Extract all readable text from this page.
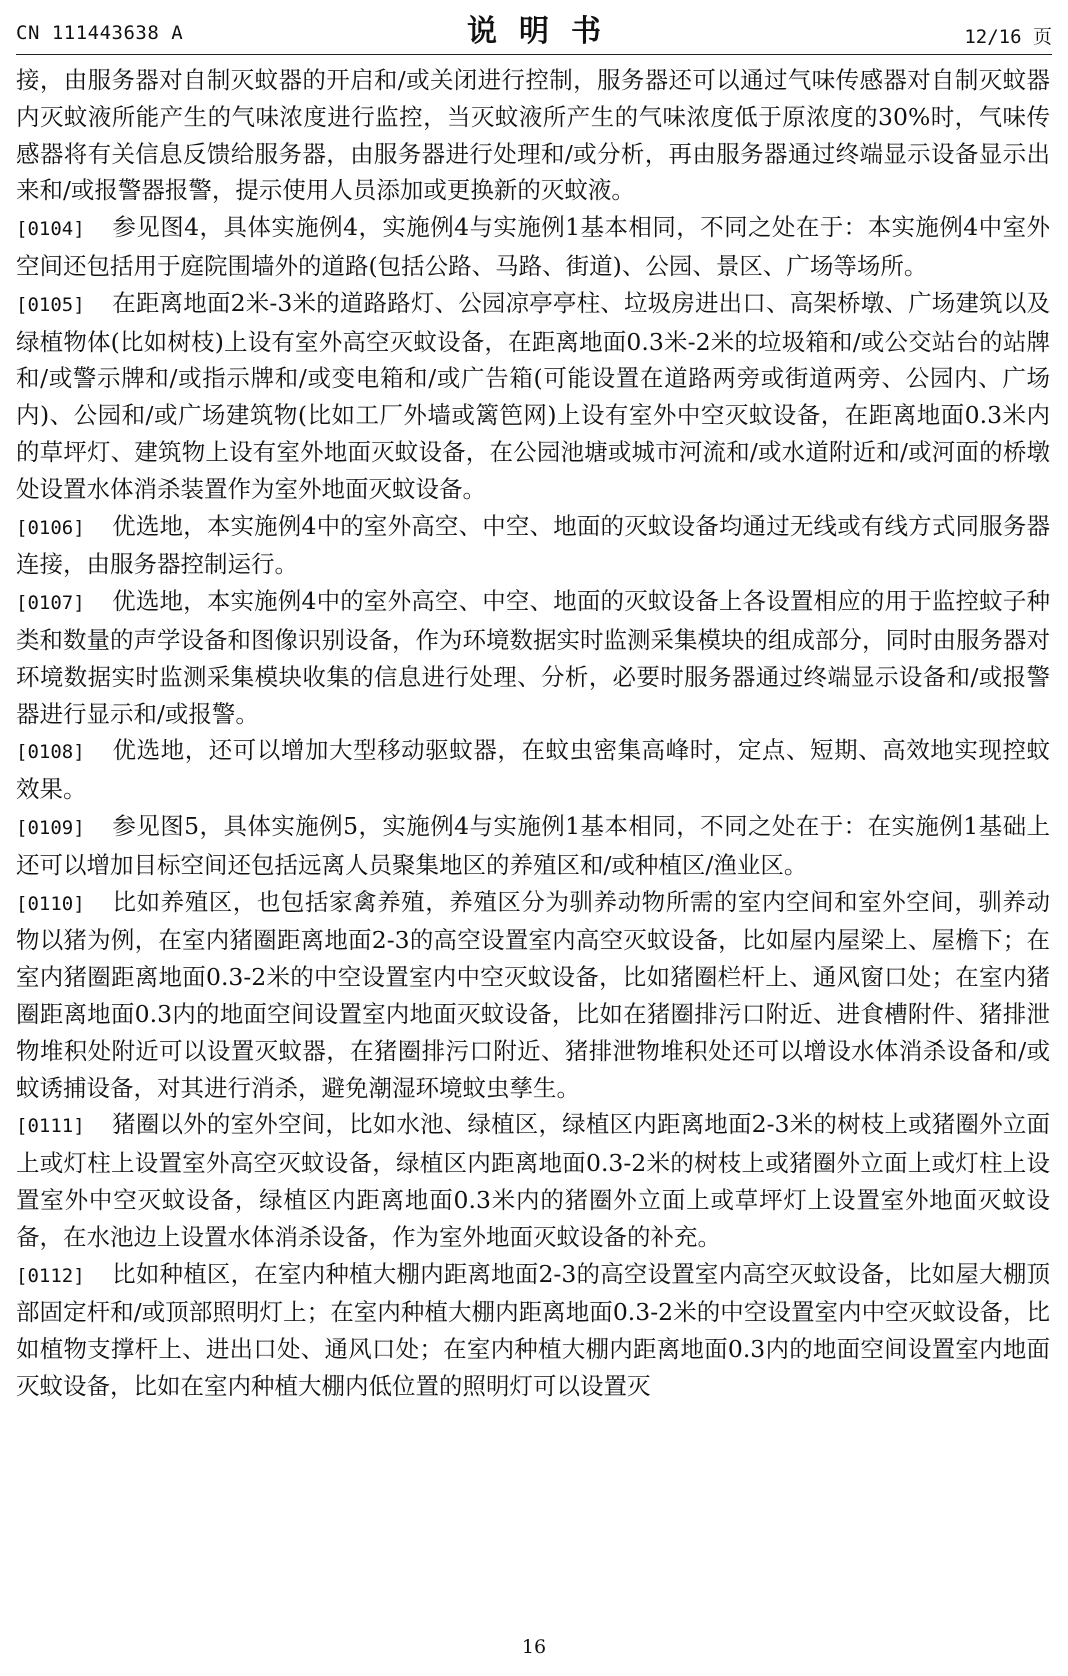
CN 111443638 A	说明书	12/16 页

接，由服务器对自制灭蚊器的开启和/或关闭进行控制，服务器还可以通过气味传感器对自制灭蚊器内灭蚊液所能产生的气味浓度进行监控，当灭蚊液所产生的气味浓度低于原浓度的30%时，气味传感器将有关信息反馈给服务器，由服务器进行处理和/或分析，再由服务器通过终端显示设备显示出来和/或报警器报警，提示使用人员添加或更换新的灭蚊液。

[0104] 参见图4，具体实施例4，实施例4与实施例1基本相同，不同之处在于：本实施例4中室外空间还包括用于庭院围墙外的道路(包括公路、马路、街道)、公园、景区、广场等场所。

[0105] 在距离地面2米-3米的道路路灯、公园凉亭亭柱、垃圾房进出口、高架桥墩、广场建筑以及绿植物体(比如树枝)上设有室外高空灭蚊设备，在距离地面0.3米-2米的垃圾箱和/或公交站台的站牌和/或警示牌和/或指示牌和/或变电箱和/或广告箱(可能设置在道路两旁或街道两旁、公园内、广场内)、公园和/或广场建筑物(比如工厂外墙或篱笆网)上设有室外中空灭蚊设备，在距离地面0.3米内的草坪灯、建筑物上设有室外地面灭蚊设备，在公园池塘或城市河流和/或水道附近和/或河面的桥墩处设置水体消杀装置作为室外地面灭蚊设备。

[0106] 优选地，本实施例4中的室外高空、中空、地面的灭蚊设备均通过无线或有线方式同服务器连接，由服务器控制运行。

[0107] 优选地，本实施例4中的室外高空、中空、地面的灭蚊设备上各设置相应的用于监控蚊子种类和数量的声学设备和图像识别设备，作为环境数据实时监测采集模块的组成部分，同时由服务器对环境数据实时监测采集模块收集的信息进行处理、分析，必要时服务器通过终端显示设备和/或报警器进行显示和/或报警。

[0108] 优选地，还可以增加大型移动驱蚊器，在蚊虫密集高峰时，定点、短期、高效地实现控蚊效果。

[0109] 参见图5，具体实施例5，实施例4与实施例1基本相同，不同之处在于：在实施例1基础上还可以增加目标空间还包括远离人员聚集地区的养殖区和/或种植区/渔业区。

[0110] 比如养殖区，也包括家禽养殖，养殖区分为驯养动物所需的室内空间和室外空间，驯养动物以猪为例，在室内猪圈距离地面2-3的高空设置室内高空灭蚊设备，比如屋内屋梁上、屋檐下；在室内猪圈距离地面0.3-2米的中空设置室内中空灭蚊设备，比如猪圈栏杆上、通风窗口处；在室内猪圈距离地面0.3内的地面空间设置室内地面灭蚊设备，比如在猪圈排污口附近、进食槽附件、猪排泄物堆积处附近可以设置灭蚊器，在猪圈排污口附近、猪排泄物堆积处还可以增设水体消杀设备和/或蚊诱捕设备，对其进行消杀，避免潮湿环境蚊虫孳生。

[0111] 猪圈以外的室外空间，比如水池、绿植区，绿植区内距离地面2-3米的树枝上或猪圈外立面上或灯柱上设置室外高空灭蚊设备，绿植区内距离地面0.3-2米的树枝上或猪圈外立面上或灯柱上设置室外中空灭蚊设备，绿植区内距离地面0.3米内的猪圈外立面上或草坪灯上设置室外地面灭蚊设备，在水池边上设置水体消杀设备，作为室外地面灭蚊设备的补充。

[0112] 比如种植区，在室内种植大棚内距离地面2-3的高空设置室内高空灭蚊设备，比如屋大棚顶部固定杆和/或顶部照明灯上；在室内种植大棚内距离地面0.3-2米的中空设置室内中空灭蚊设备，比如植物支撑杆上、进出口处、通风口处；在室内种植大棚内距离地面0.3内的地面空间设置室内地面灭蚊设备，比如在室内种植大棚内低位置的照明灯可以设置灭

16
